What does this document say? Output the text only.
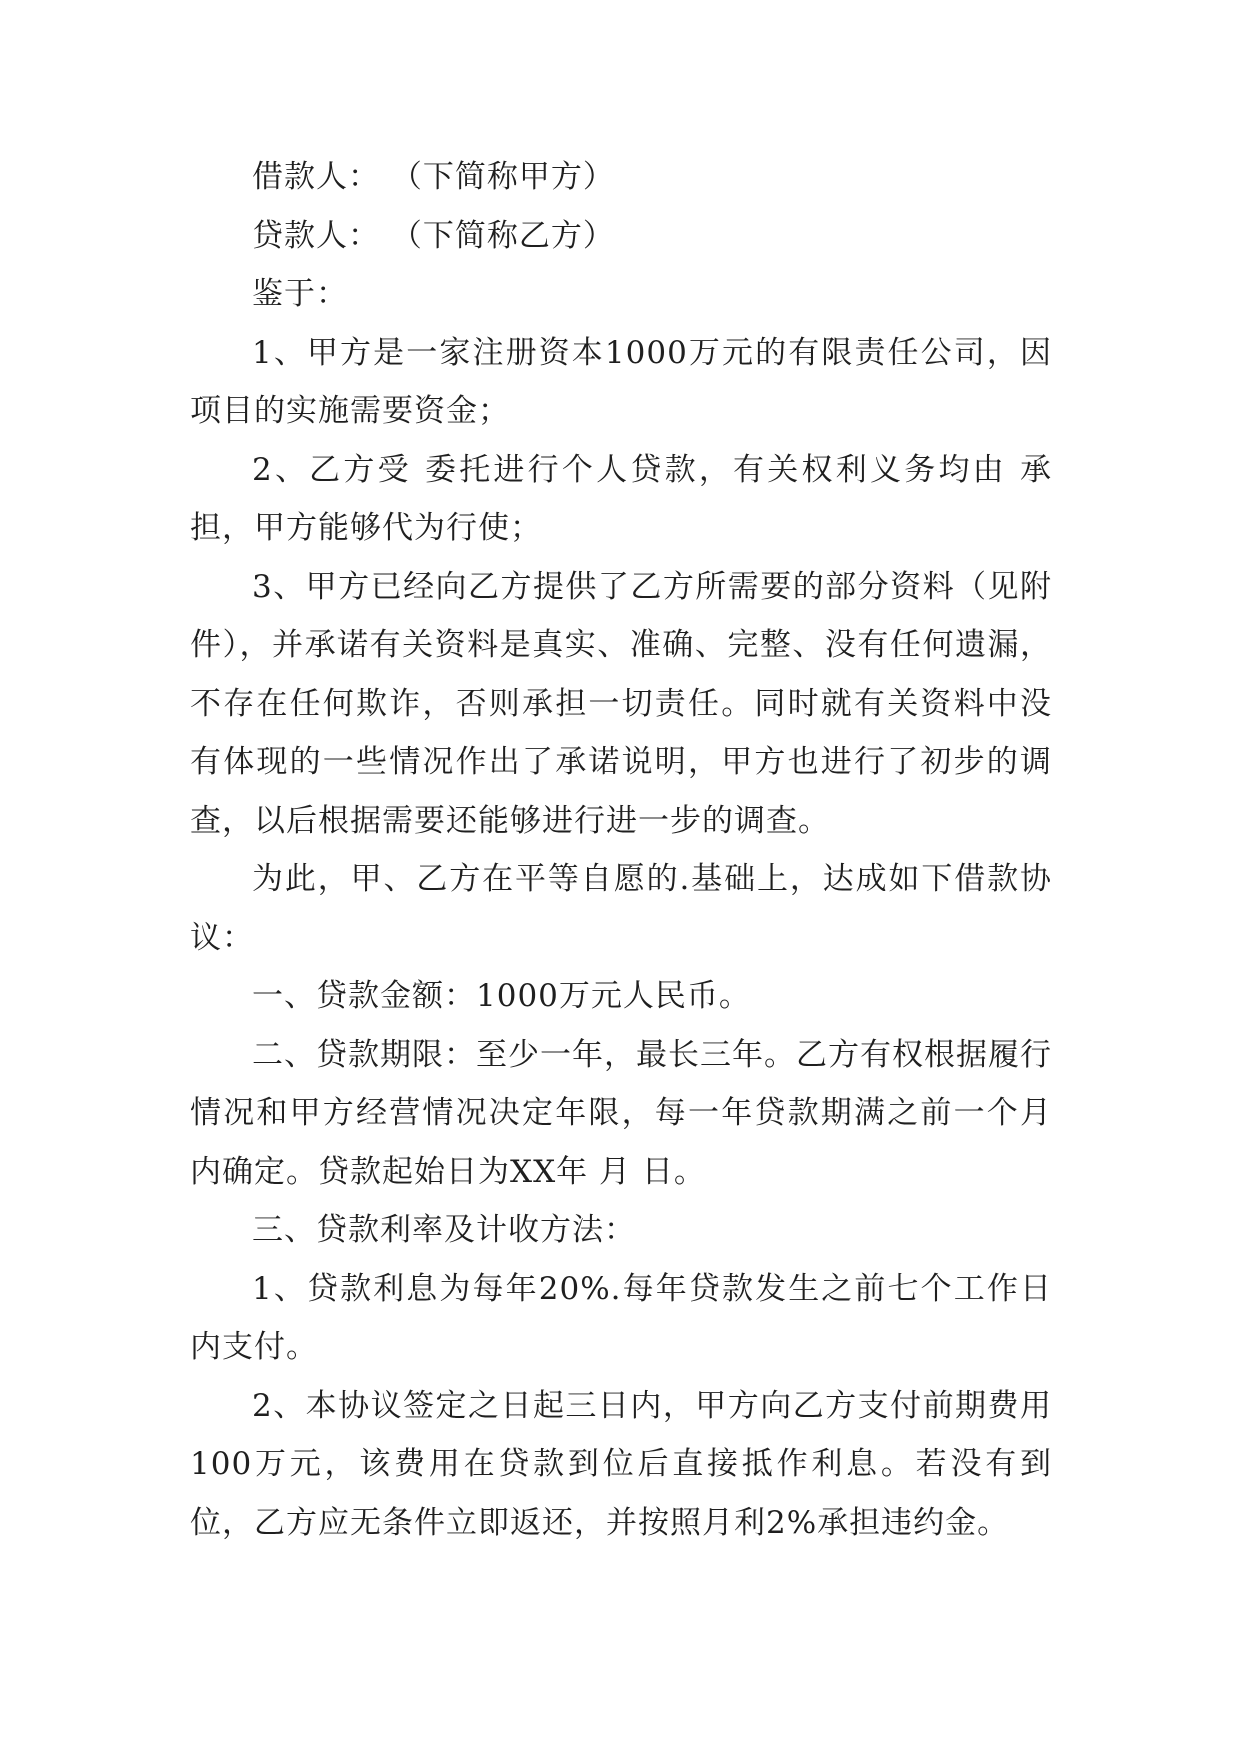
借款人： （下简称甲方）

贷款人： （下简称乙方）

鉴于：

1、甲方是一家注册资本1000万元的有限责任公司，因项目的实施需要资金；

2、乙方受 委托进行个人贷款，有关权利义务均由 承担，甲方能够代为行使；

3、甲方已经向乙方提供了乙方所需要的部分资料（见附件），并承诺有关资料是真实、准确、完整、没有任何遗漏，不存在任何欺诈，否则承担一切责任。同时就有关资料中没有体现的一些情况作出了承诺说明，甲方也进行了初步的调查，以后根据需要还能够进行进一步的调查。

为此，甲、乙方在平等自愿的.基础上，达成如下借款协议：

一、贷款金额：1000万元人民币。

二、贷款期限：至少一年，最长三年。乙方有权根据履行情况和甲方经营情况决定年限，每一年贷款期满之前一个月内确定。贷款起始日为XX年 月 日。

三、贷款利率及计收方法：

1、贷款利息为每年20%.每年贷款发生之前七个工作日内支付。

2、本协议签定之日起三日内，甲方向乙方支付前期费用100万元，该费用在贷款到位后直接抵作利息。若没有到位，乙方应无条件立即返还，并按照月利2%承担违约金。
